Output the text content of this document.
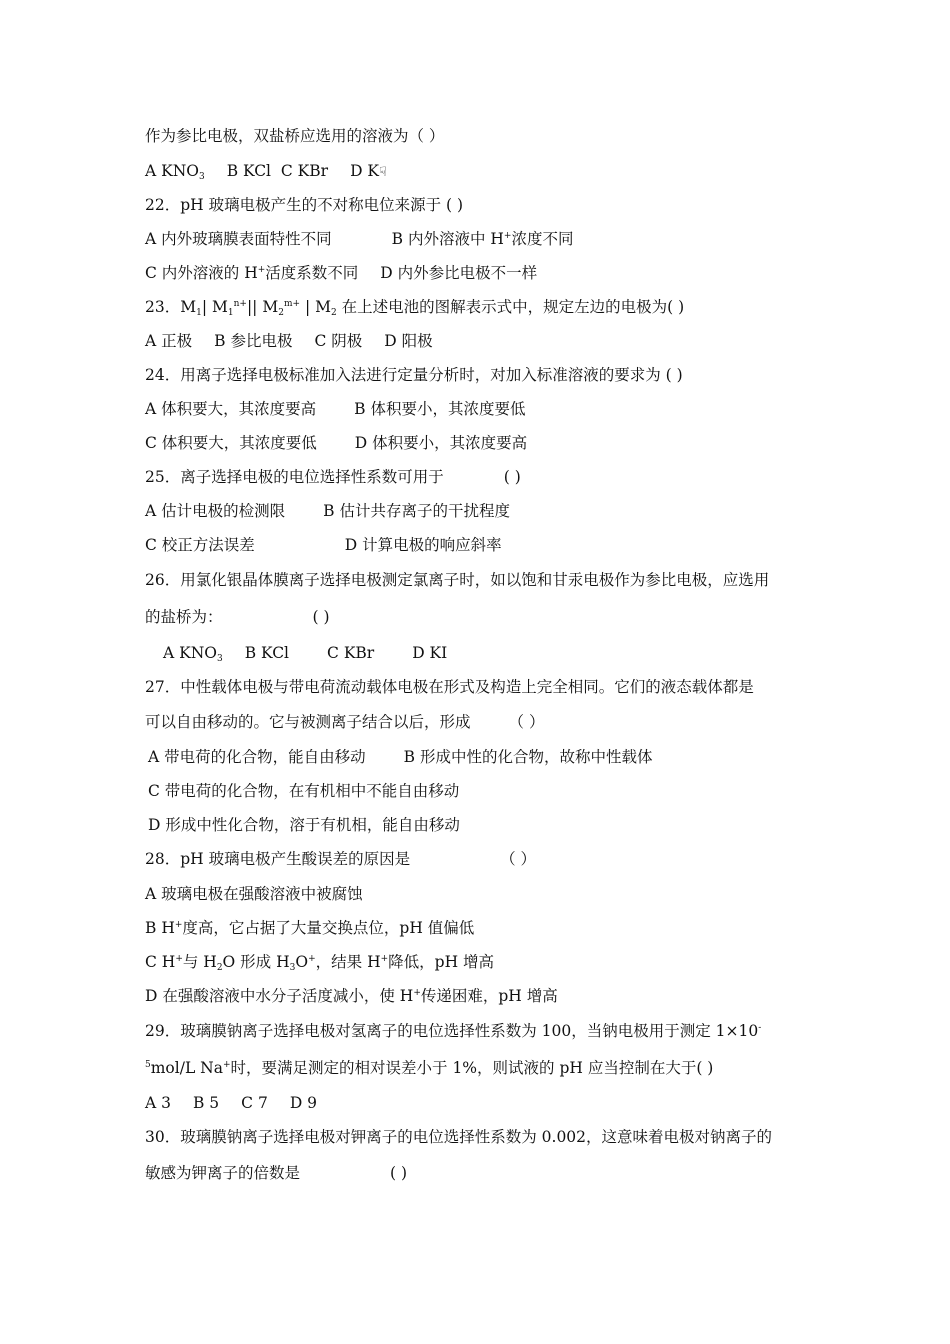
作为参比电极，双盐桥应选用的溶液为（ ）
A $KNO_3$ B KCl C KBr D K☟
22．pH 玻璃电极产生的不对称电位来源于 ( )
A 内外玻璃膜表面特性不同	B 内外溶液中 H+浓度不同
C 内外溶液的 H+活度系数不同 D 内外参比电极不一样
23．$M_1|$ $M_1^{n+}||$ $M_2^{m+}$ | $M_2$ 在上述电池的图解表示式中，规定左边的电极为( )
A 正极 B 参比电极 C 阴极 D 阳极
24．用离子选择电极标准加入法进行定量分析时，对加入标准溶液的要求为 ( )
A 体积要大，其浓度要高 B 体积要小，其浓度要低
C 体积要大，其浓度要低 D 体积要小，其浓度要高
25．离子选择电极的电位选择性系数可用于	( )
A 估计电极的检测限 B 估计共存离子的干扰程度
C 校正方法误差	D 计算电极的响应斜率
26．用氯化银晶体膜离子选择电极测定氯离子时，如以饱和甘汞电极作为参比电极，应选用
的盐桥为：	( )
A $KNO_3$ B KCl C KBr D KI
27．中性载体电极与带电荷流动载体电极在形式及构造上完全相同。它们的液态载体都是
可以自由移动的。它与被测离子结合以后，形成 （ ）
A 带电荷的化合物，能自由移动 B 形成中性的化合物，故称中性载体
C 带电荷的化合物，在有机相中不能自由移动
D 形成中性化合物，溶于有机相，能自由移动
28．pH 玻璃电极产生酸误差的原因是	（ ）
A 玻璃电极在强酸溶液中被腐蚀
B H+度高，它占据了大量交换点位，pH 值偏低
C H+与 $H_2O$ 形成 $H_3O^+$，结果 H+降低，pH 增高
D 在强酸溶液中水分子活度减小，使 H+传递困难，pH 增高
29．玻璃膜钠离子选择电极对氢离子的电位选择性系数为 100，当钠电极用于测定 1×10-
$^5$mol/L Na+时，要满足测定的相对误差小于 1%，则试液的 pH 应当控制在大于( )
A 3 B 5 C 7 D 9
30．玻璃膜钠离子选择电极对钾离子的电位选择性系数为 0.002，这意味着电极对钠离子的
敏感为钾离子的倍数是	( )
